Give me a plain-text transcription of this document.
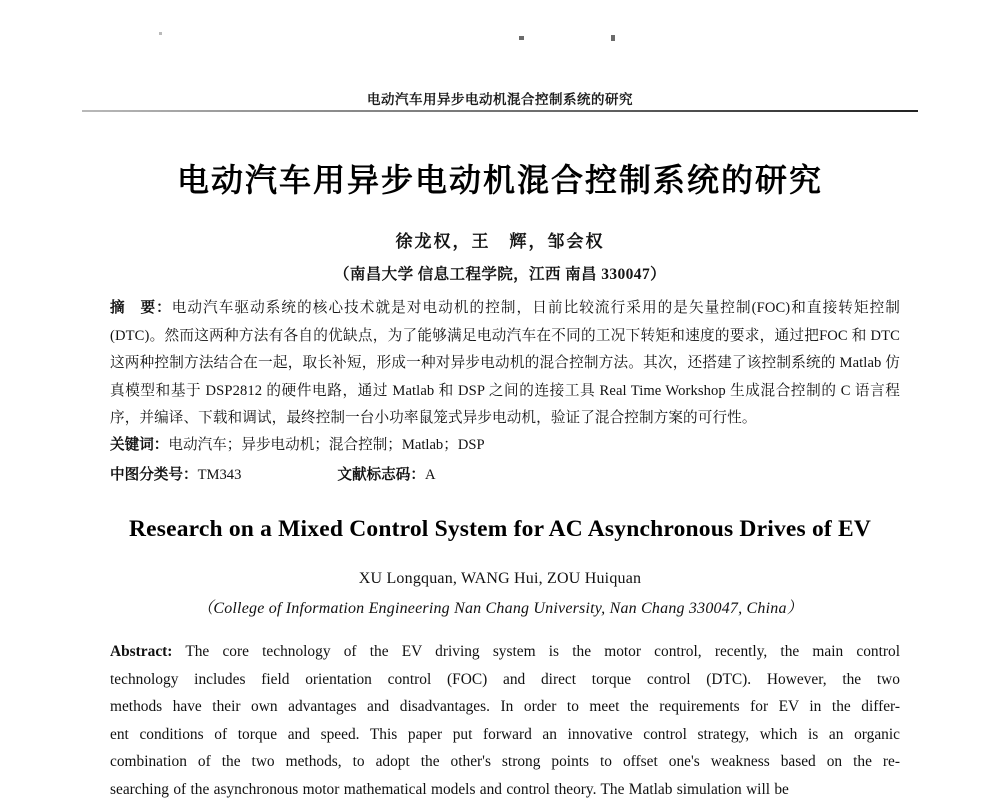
电动汽车用异步电动机混合控制系统的研究
电动汽车用异步电动机混合控制系统的研究
徐龙权，王　辉，邹会权
（南昌大学 信息工程学院，江西 南昌 330047）
摘 要：电动汽车驱动系统的核心技术就是对电动机的控制，日前比较流行采用的是矢量控制(FOC)和直接转矩控制(DTC)。然而这两种方法有各自的优缺点，为了能够满足电动汽车在不同的工况下转矩和速度的要求，通过把FOC 和 DTC 这两种控制方法结合在一起，取长补短，形成一种对异步电动机的混合控制方法。其次，还搭建了该控制系统的 Matlab 仿真模型和基于 DSP2812 的硬件电路，通过 Matlab 和 DSP 之间的连接工具 Real Time Workshop 生成混合控制的 C 语言程序，并编译、下载和调试，最终控制一台小功率鼠笼式异步电动机，验证了混合控制方案的可行性。
关键词：电动汽车；异步电动机；混合控制；Matlab；DSP
中图分类号：TM343	文献标志码：A
Research on a Mixed Control System for AC Asynchronous Drives of EV
XU Longquan, WANG Hui, ZOU Huiquan
（College of Information Engineering Nan Chang University, Nan Chang 330047, China）
Abstract: The core technology of the EV driving system is the motor control, recently, the main control
technology includes field orientation control (FOC) and direct torque control (DTC). However, the two
methods have their own advantages and disadvantages. In order to meet the requirements for EV in the differ-
ent conditions of torque and speed. This paper put forward an innovative control strategy, which is an organic
combination of the two methods, to adopt the other's strong points to offset one's weakness based on the re-
searching of the asynchronous motor mathematical models and control theory. The Matlab simulation will be
